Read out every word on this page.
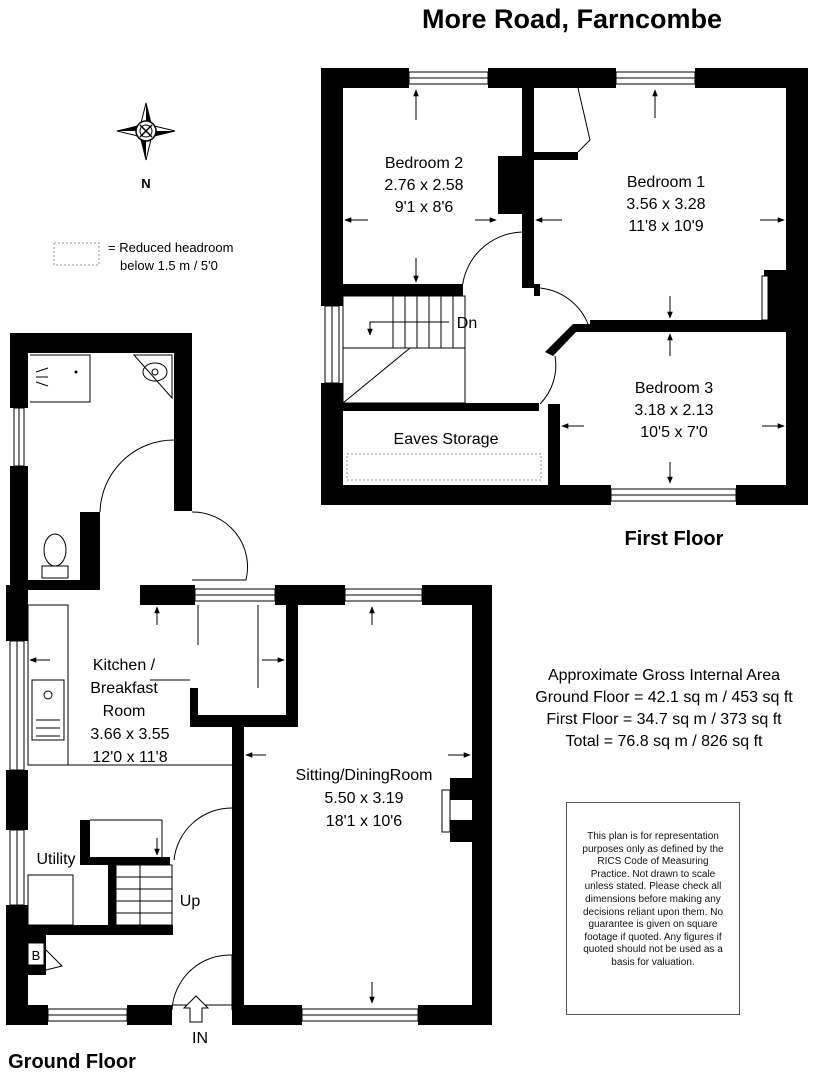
More Road, Farncombe
N
= Reduced headroom
below 1.5 m / 5'0
Bedroom 2
2.76 x 2.58
9'1 x 8'6
Bedroom 1
3.56 x 3.28
11'8 x 10'9
Bedroom 3
3.18 x 2.13
10'5 x 7'0
Eaves Storage
Dn
First Floor
Kitchen /
Breakfast
Room
3.66 x 3.55
12'0 x 11'8
Sitting/DiningRoom
5.50 x 3.19
18'1 x 10'6
Utility
Up
B
IN
Ground Floor
Approximate Gross Internal Area
Ground Floor = 42.1 sq m / 453 sq ft
First Floor = 34.7 sq m / 373 sq ft
Total = 76.8 sq m / 826 sq ft
This plan is for representation purposes only as defined by the RICS Code of Measuring Practice. Not drawn to scale unless stated. Please check all dimensions before making any decisions reliant upon them. No guarantee is given on square footage if quoted. Any figures if quoted should not be used as a basis for valuation.
